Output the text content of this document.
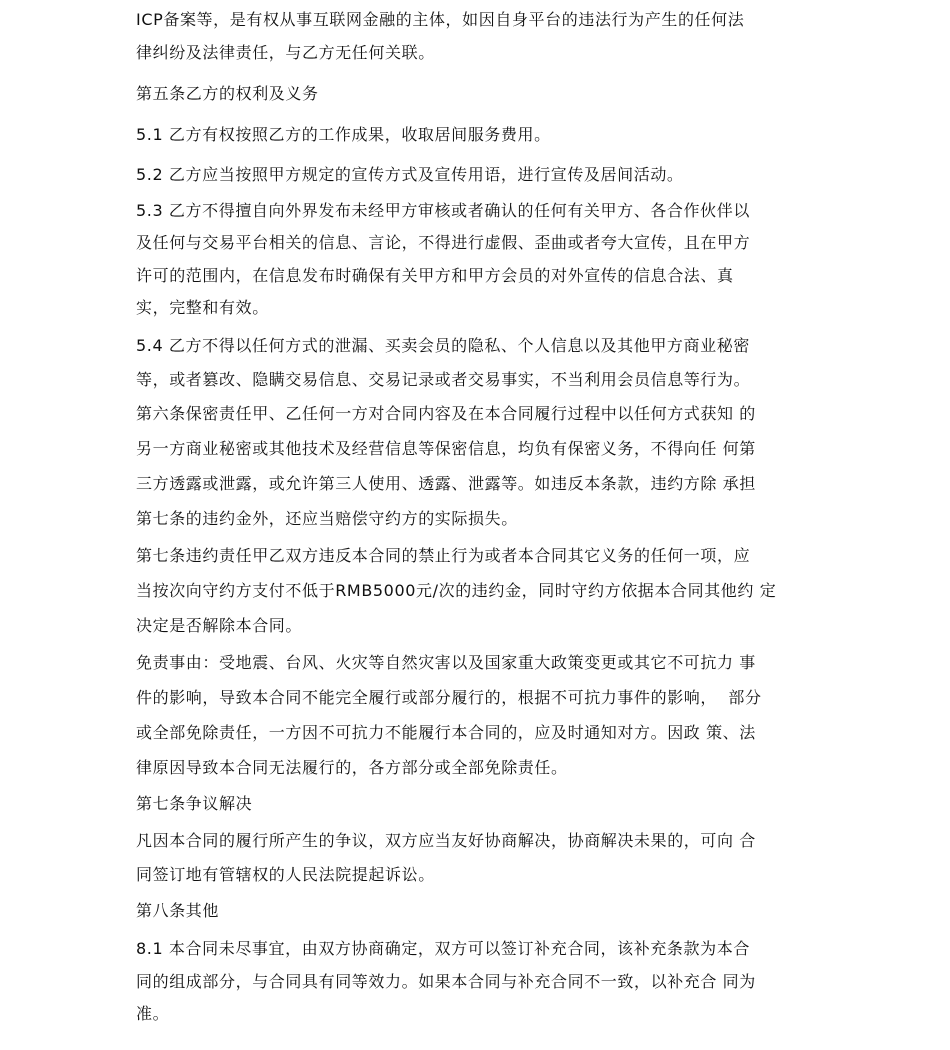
ICP备案等，是有权从事互联网金融的主体，如因自身平台的违法行为产生的任何法
律纠纷及法律责任，与乙方无任何关联。
第五条乙方的权利及义务
5.1 乙方有权按照乙方的工作成果，收取居间服务费用。
5.2 乙方应当按照甲方规定的宣传方式及宣传用语，进行宣传及居间活动。
5.3 乙方不得擅自向外界发布未经甲方审核或者确认的任何有关甲方、各合作伙伴以
及任何与交易平台相关的信息、言论，不得进行虚假、歪曲或者夸大宣传，且在甲方
许可的范围内，在信息发布时确保有关甲方和甲方会员的对外宣传的信息合法、真
实，完整和有效。
5.4 乙方不得以任何方式的泄漏、买卖会员的隐私、个人信息以及其他甲方商业秘密
等，或者篡改、隐瞒交易信息、交易记录或者交易事实，不当利用会员信息等行为。
第六条保密责任甲、乙任何一方对合同内容及在本合同履行过程中以任何方式获知 的
另一方商业秘密或其他技术及经营信息等保密信息，均负有保密义务，不得向任 何第
三方透露或泄露，或允许第三人使用、透露、泄露等。如违反本条款，违约方除 承担
第七条的违约金外，还应当赔偿守约方的实际损失。
第七条违约责任甲乙双方违反本合同的禁止行为或者本合同其它义务的任何一项，应
当按次向守约方支付不低于RMB5000元/次的违约金，同时守约方依据本合同其他约 定
决定是否解除本合同。
免责事由：受地震、台风、火灾等自然灾害以及国家重大政策变更或其它不可抗力 事
件的影响，导致本合同不能完全履行或部分履行的，根据不可抗力事件的影响，  部分
或全部免除责任，一方因不可抗力不能履行本合同的，应及时通知对方。因政 策、法
律原因导致本合同无法履行的，各方部分或全部免除责任。
第七条争议解决
凡因本合同的履行所产生的争议，双方应当友好协商解决，协商解决未果的，可向 合
同签订地有管辖权的人民法院提起诉讼。
第八条其他
8.1 本合同未尽事宜，由双方协商确定，双方可以签订补充合同，该补充条款为本合
同的组成部分，与合同具有同等效力。如果本合同与补充合同不一致，以补充合 同为
准。
